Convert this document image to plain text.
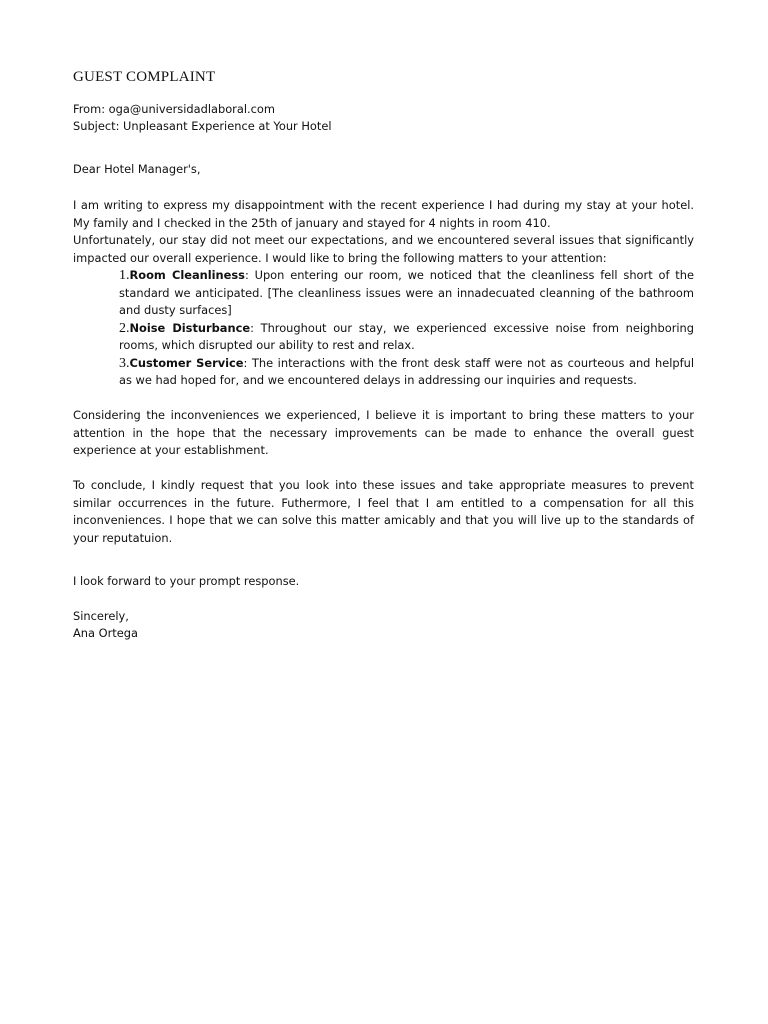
GUEST COMPLAINT
From: oga@universidadlaboral.com
Subject: Unpleasant Experience at Your Hotel
Dear Hotel Manager's,

I am writing to express my disappointment with the recent experience I had during my stay at your hotel. My family and I checked in the 25th of january and stayed for 4 nights in room 410.

Unfortunately, our stay did not meet our expectations, and we encountered several issues that significantly impacted our overall experience. I would like to bring the following matters to your attention:

1.Room Cleanliness: Upon entering our room, we noticed that the cleanliness fell short of the standard we anticipated. [The cleanliness issues were an innadecuated cleanning of the bathroom and dusty surfaces]

2.Noise Disturbance: Throughout our stay, we experienced excessive noise from neighboring rooms, which disrupted our ability to rest and relax.

3.Customer Service: The interactions with the front desk staff were not as courteous and helpful as we had hoped for, and we encountered delays in addressing our inquiries and requests.

Considering the inconveniences we experienced, I believe it is important to bring these matters to your attention in the hope that the necessary improvements can be made to enhance the overall guest experience at your establishment.

To conclude, I kindly request that you look into these issues and take appropriate measures to prevent similar occurrences in the future. Futhermore, I feel that I am entitled to a compensation for all this inconveniences. I hope that we can solve this matter amicably and that you will live up to the standards of your reputatuion.

I look forward to your prompt response.
Sincerely,
Ana Ortega
